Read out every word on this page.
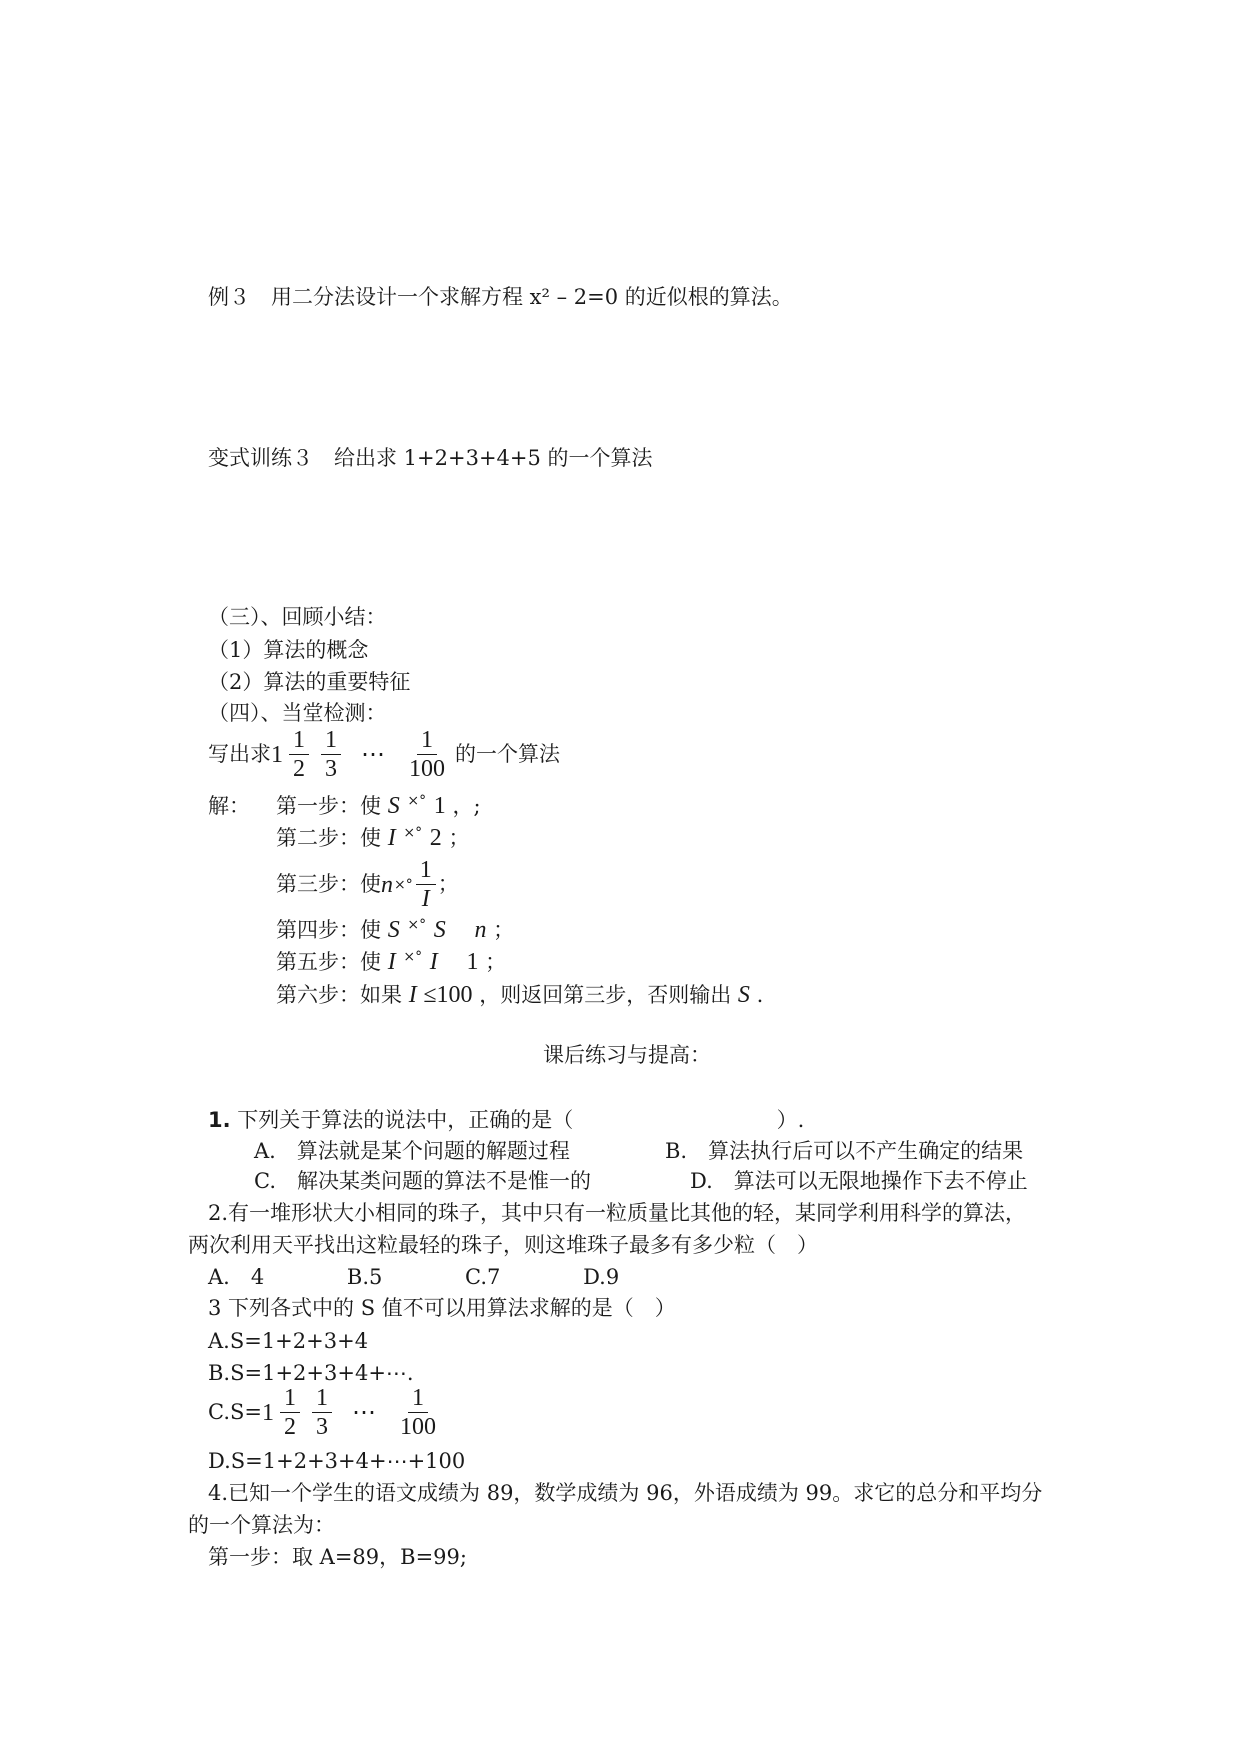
例３　用二分法设计一个求解方程 x² – 2=0 的近似根的算法。
变式训练３　给出求 1+2+3+4+5 的一个算法
（三）、回顾小结：
（1）算法的概念
（2）算法的重要特征
（四）、当堂检测：
写出求 $1 \frac{1}{2} \frac{1}{3}$ ⋯ $\frac{1}{100}$ 的一个算法
解： 第一步：使 S ×° 1 ，;
第二步：使 I ×° 2 ；
第三步：使 n ×° $\frac{1}{I}$ ；
第四步：使 S ×° S n ；
第五步：使 I ×° I 1 ；
第六步：如果 I ≤100 ，则返回第三步，否则输出 S .
课后练习与提高：
1. 下列关于算法的说法中，正确的是（	）.
A.　算法就是某个问题的解题过程	B.　算法执行后可以不产生确定的结果
C.　解决某类问题的算法不是惟一的	D.　算法可以无限地操作下去不停止
2.有一堆形状大小相同的珠子，其中只有一粒质量比其他的轻，某同学利用科学的算法，
两次利用天平找出这粒最轻的珠子，则这堆珠子最多有多少粒（　）
A.　4	B.5	C.7	D.9
3 下列各式中的 S 值不可以用算法求解的是（　）
A.S=1+2+3+4
B.S=1+2+3+4+⋯.
$C.S= 1 \frac{1}{2} \frac{1}{3}$ ⋯ $\frac{1}{100}$
D.S=1+2+3+4+⋯+100
4.已知一个学生的语文成绩为 89，数学成绩为 96，外语成绩为 99。求它的总分和平均分
的一个算法为：
第一步：取 A=89，B=99;
